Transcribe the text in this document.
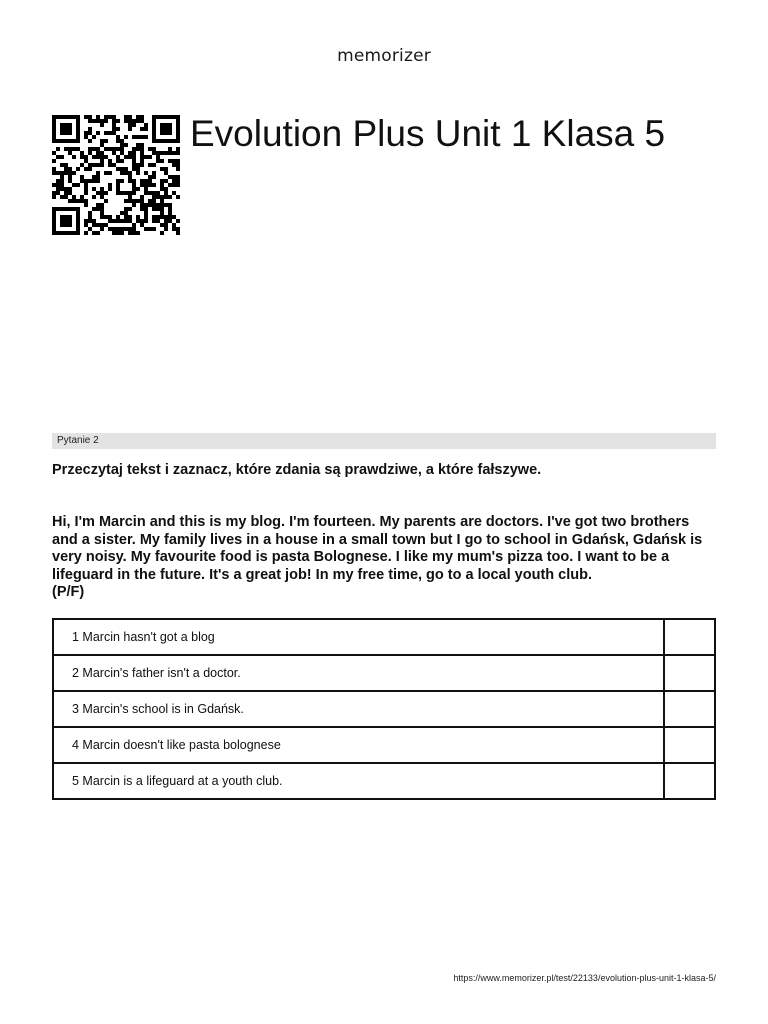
memorizer
Evolution Plus Unit 1 Klasa 5
Pytanie 2
Przeczytaj tekst i zaznacz, które zdania są prawdziwe, a które fałszywe.

Hi, I'm Marcin and this is my blog. I'm fourteen. My parents are doctors. I've got two brothers and a sister. My family lives in a house in a small town but I go to school in Gdańsk, Gdańsk is very noisy. My favourite food is pasta Bolognese. I like my mum's pizza too. I want to be a lifeguard in the future. It's a great job! In my free time, go to a local youth club.

(P/F)

1 Marcin hasn't got a blog	
2 Marcin's father isn't a doctor.	
3 Marcin's school is in Gdańsk.	
4 Marcin doesn't like pasta bolognese	
5 Marcin is a lifeguard at a youth club.	
https://www.memorizer.pl/test/22133/evolution-plus-unit-1-klasa-5/
